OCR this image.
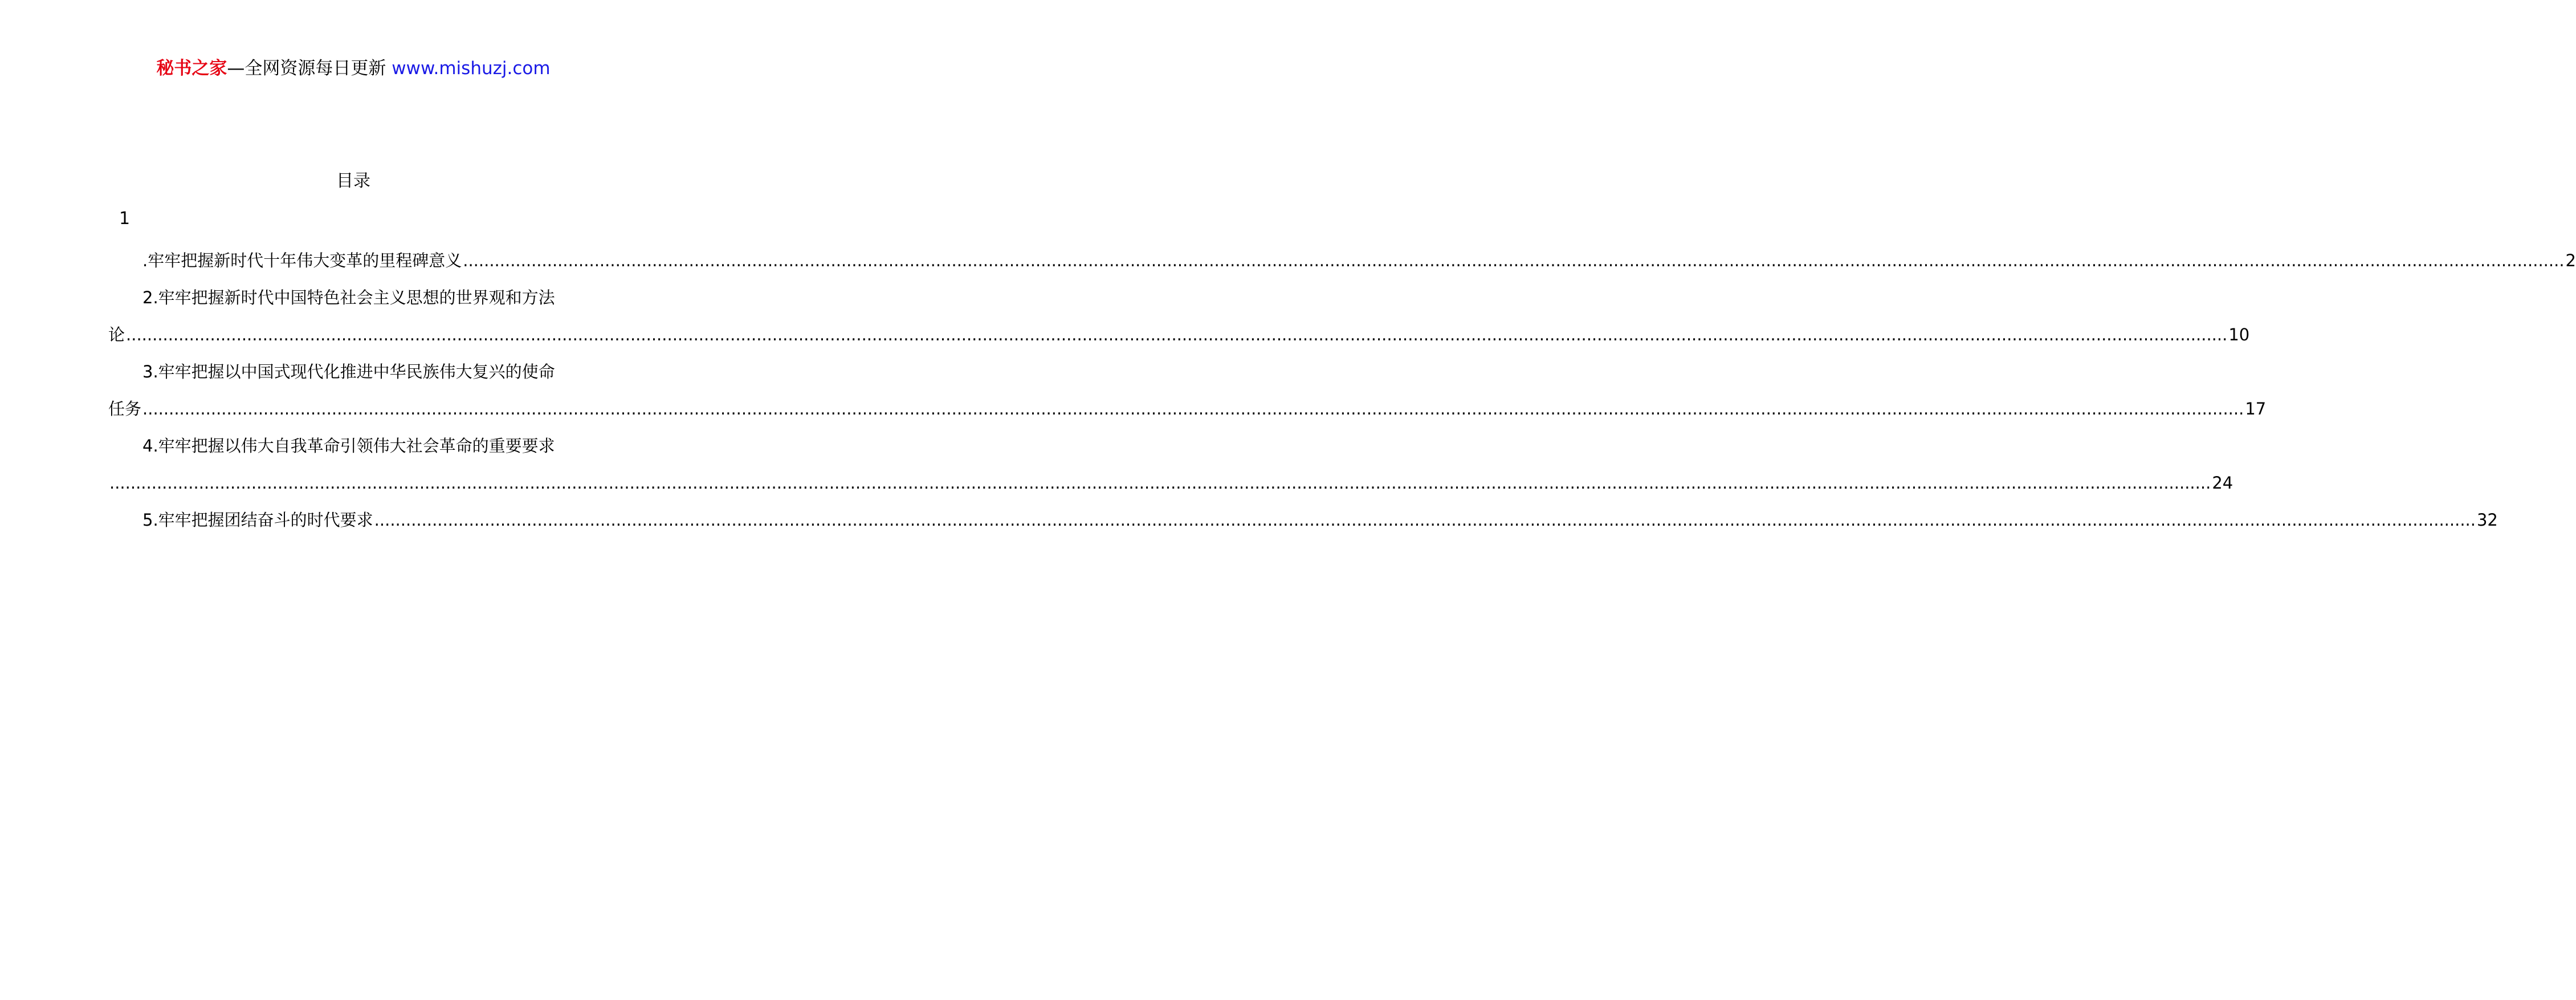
秘书之家—全网资源每日更新 www.mishuzj.com
目录
1
.牢牢把握新时代十年伟大变革的里程碑意义 ................................................................................................................................................................................................................................................................................................................................................................................................................ 2
2.牢牢把握新时代中国特色社会主义思想的世界观和方法
论 ................................................................................................................................................................................................................................................................................................................................................................................................................ 10
3.牢牢把握以中国式现代化推进中华民族伟大复兴的使命
任务 ................................................................................................................................................................................................................................................................................................................................................................................................................ 17
4.牢牢把握以伟大自我革命引领伟大社会革命的重要要求
................................................................................................................................................................................................................................................................................................................................................................................................................ 24
5.牢牢把握团结奋斗的时代要求 ................................................................................................................................................................................................................................................................................................................................................................................................................ 32
